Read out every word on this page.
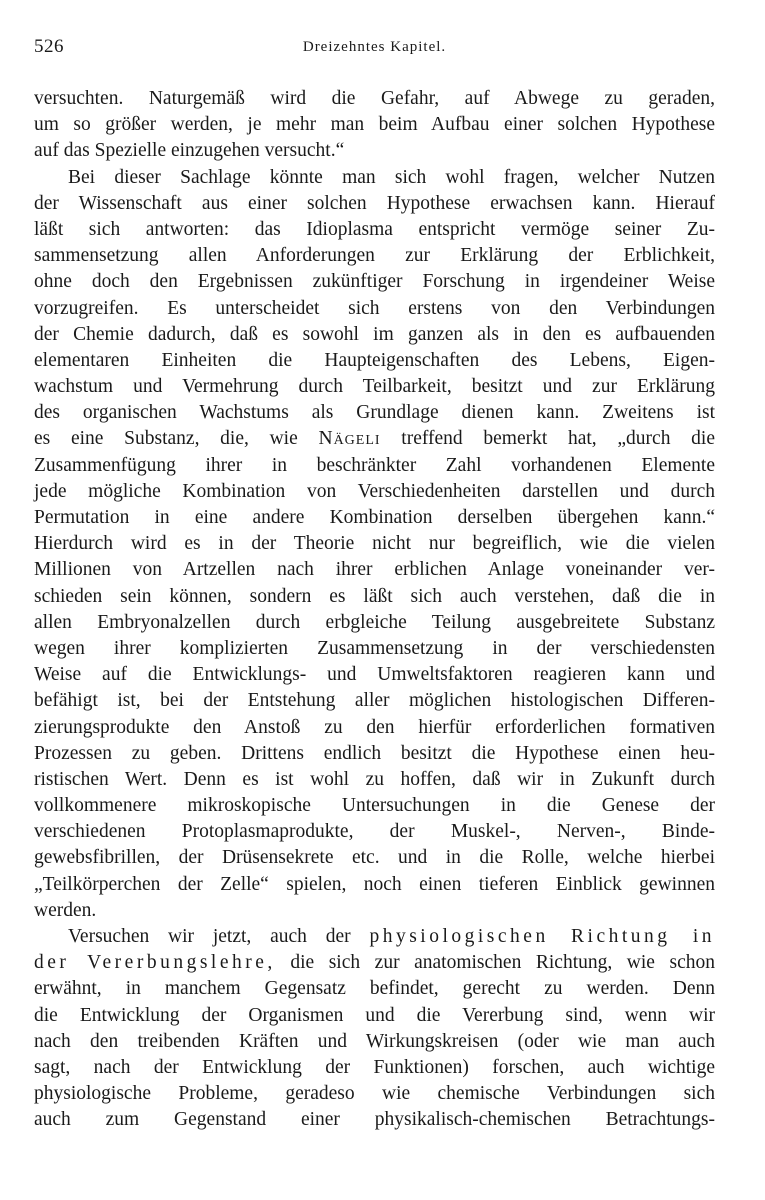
526	Dreizehntes Kapitel.
versuchten. Naturgemäß wird die Gefahr, auf Abwege zu geraden,
um so größer werden, je mehr man beim Aufbau einer solchen Hypothese
auf das Spezielle einzugehen versucht.“
Bei dieser Sachlage könnte man sich wohl fragen, welcher Nutzen
der Wissenschaft aus einer solchen Hypothese erwachsen kann. Hierauf
läßt sich antworten: das Idioplasma entspricht vermöge seiner Zu-
sammensetzung allen Anforderungen zur Erklärung der Erblichkeit,
ohne doch den Ergebnissen zukünftiger Forschung in irgendeiner Weise
vorzugreifen. Es unterscheidet sich erstens von den Verbindungen
der Chemie dadurch, daß es sowohl im ganzen als in den es aufbauenden
elementaren Einheiten die Haupteigenschaften des Lebens, Eigen-
wachstum und Vermehrung durch Teilbarkeit, besitzt und zur Erklärung
des organischen Wachstums als Grundlage dienen kann. Zweitens ist
es eine Substanz, die, wie Nägeli treffend bemerkt hat, „durch die
Zusammenfügung ihrer in beschränkter Zahl vorhandenen Elemente
jede mögliche Kombination von Verschiedenheiten darstellen und durch
Permutation in eine andere Kombination derselben übergehen kann.“
Hierdurch wird es in der Theorie nicht nur begreiflich, wie die vielen
Millionen von Artzellen nach ihrer erblichen Anlage voneinander ver-
schieden sein können, sondern es läßt sich auch verstehen, daß die in
allen Embryonalzellen durch erbgleiche Teilung ausgebreitete Substanz
wegen ihrer komplizierten Zusammensetzung in der verschiedensten
Weise auf die Entwicklungs- und Umweltsfaktoren reagieren kann und
befähigt ist, bei der Entstehung aller möglichen histologischen Differen-
zierungsprodukte den Anstoß zu den hierfür erforderlichen formativen
Prozessen zu geben. Drittens endlich besitzt die Hypothese einen heu-
ristischen Wert. Denn es ist wohl zu hoffen, daß wir in Zukunft durch
vollkommenere mikroskopische Untersuchungen in die Genese der
verschiedenen Protoplasmaprodukte, der Muskel-, Nerven-, Binde-
gewebsfibrillen, der Drüsensekrete etc. und in die Rolle, welche hierbei
„Teilkörperchen der Zelle“ spielen, noch einen tieferen Einblick gewinnen
werden.
Versuchen wir jetzt, auch der physiologischen Richtung in
der Vererbungslehre, die sich zur anatomischen Richtung, wie schon
erwähnt, in manchem Gegensatz befindet, gerecht zu werden. Denn
die Entwicklung der Organismen und die Vererbung sind, wenn wir
nach den treibenden Kräften und Wirkungskreisen (oder wie man auch
sagt, nach der Entwicklung der Funktionen) forschen, auch wichtige
physiologische Probleme, geradeso wie chemische Verbindungen sich
auch zum Gegenstand einer physikalisch-chemischen Betrachtungs-
